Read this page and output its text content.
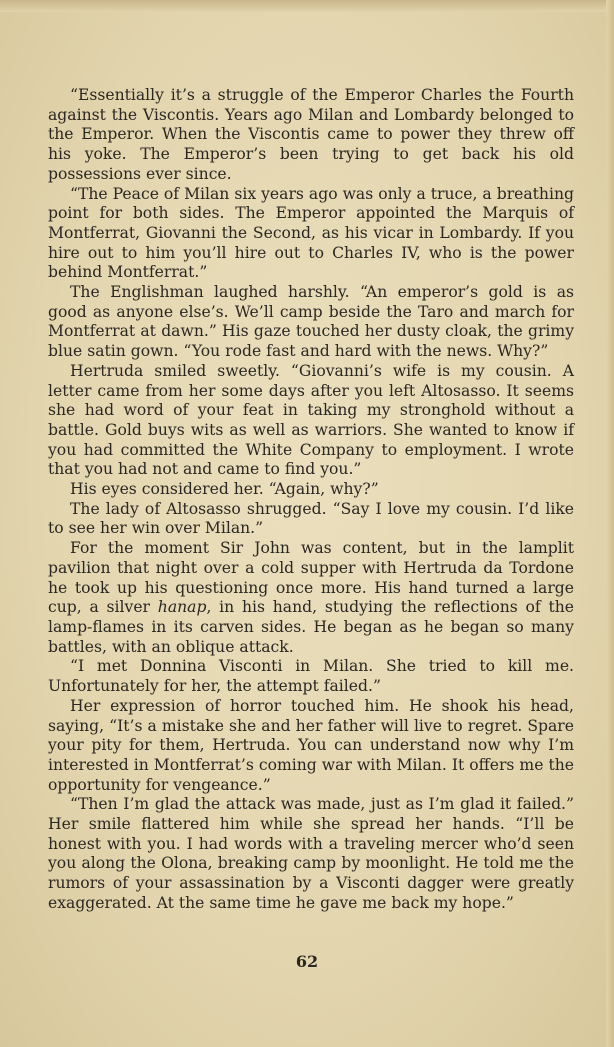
“Essentially it’s a struggle of the Emperor Charles the Fourth against the Viscontis. Years ago Milan and Lombardy belonged to the Emperor. When the Viscontis came to power they threw off his yoke. The Emperor’s been trying to get back his old possessions ever since.

“The Peace of Milan six years ago was only a truce, a breathing point for both sides. The Emperor appointed the Marquis of Montferrat, Giovanni the Second, as his vicar in Lombardy. If you hire out to him you’ll hire out to Charles IV, who is the power behind Montferrat.”

The Englishman laughed harshly. “An emperor’s gold is as good as anyone else’s. We’ll camp beside the Taro and march for Montferrat at dawn.” His gaze touched her dusty cloak, the grimy blue satin gown. “You rode fast and hard with the news. Why?”

Hertruda smiled sweetly. “Giovanni’s wife is my cousin. A letter came from her some days after you left Altosasso. It seems she had word of your feat in taking my stronghold without a battle. Gold buys wits as well as warriors. She wanted to know if you had committed the White Company to employment. I wrote that you had not and came to find you.”

His eyes considered her. “Again, why?”

The lady of Altosasso shrugged. “Say I love my cousin. I’d like to see her win over Milan.”

For the moment Sir John was content, but in the lamplit pavilion that night over a cold supper with Hertruda da Tordone he took up his questioning once more. His hand turned a large cup, a silver hanap, in his hand, studying the reflections of the lamp-flames in its carven sides. He began as he began so many battles, with an oblique attack.

“I met Donnina Visconti in Milan. She tried to kill me. Unfortunately for her, the attempt failed.”

Her expression of horror touched him. He shook his head, saying, “It’s a mistake she and her father will live to regret. Spare your pity for them, Hertruda. You can understand now why I’m interested in Montferrat’s coming war with Milan. It offers me the opportunity for vengeance.”

“Then I’m glad the attack was made, just as I’m glad it failed.” Her smile flattered him while she spread her hands. “I’ll be honest with you. I had words with a traveling mercer who’d seen you along the Olona, breaking camp by moonlight. He told me the rumors of your assassination by a Visconti dagger were greatly exaggerated. At the same time he gave me back my hope.”

62
